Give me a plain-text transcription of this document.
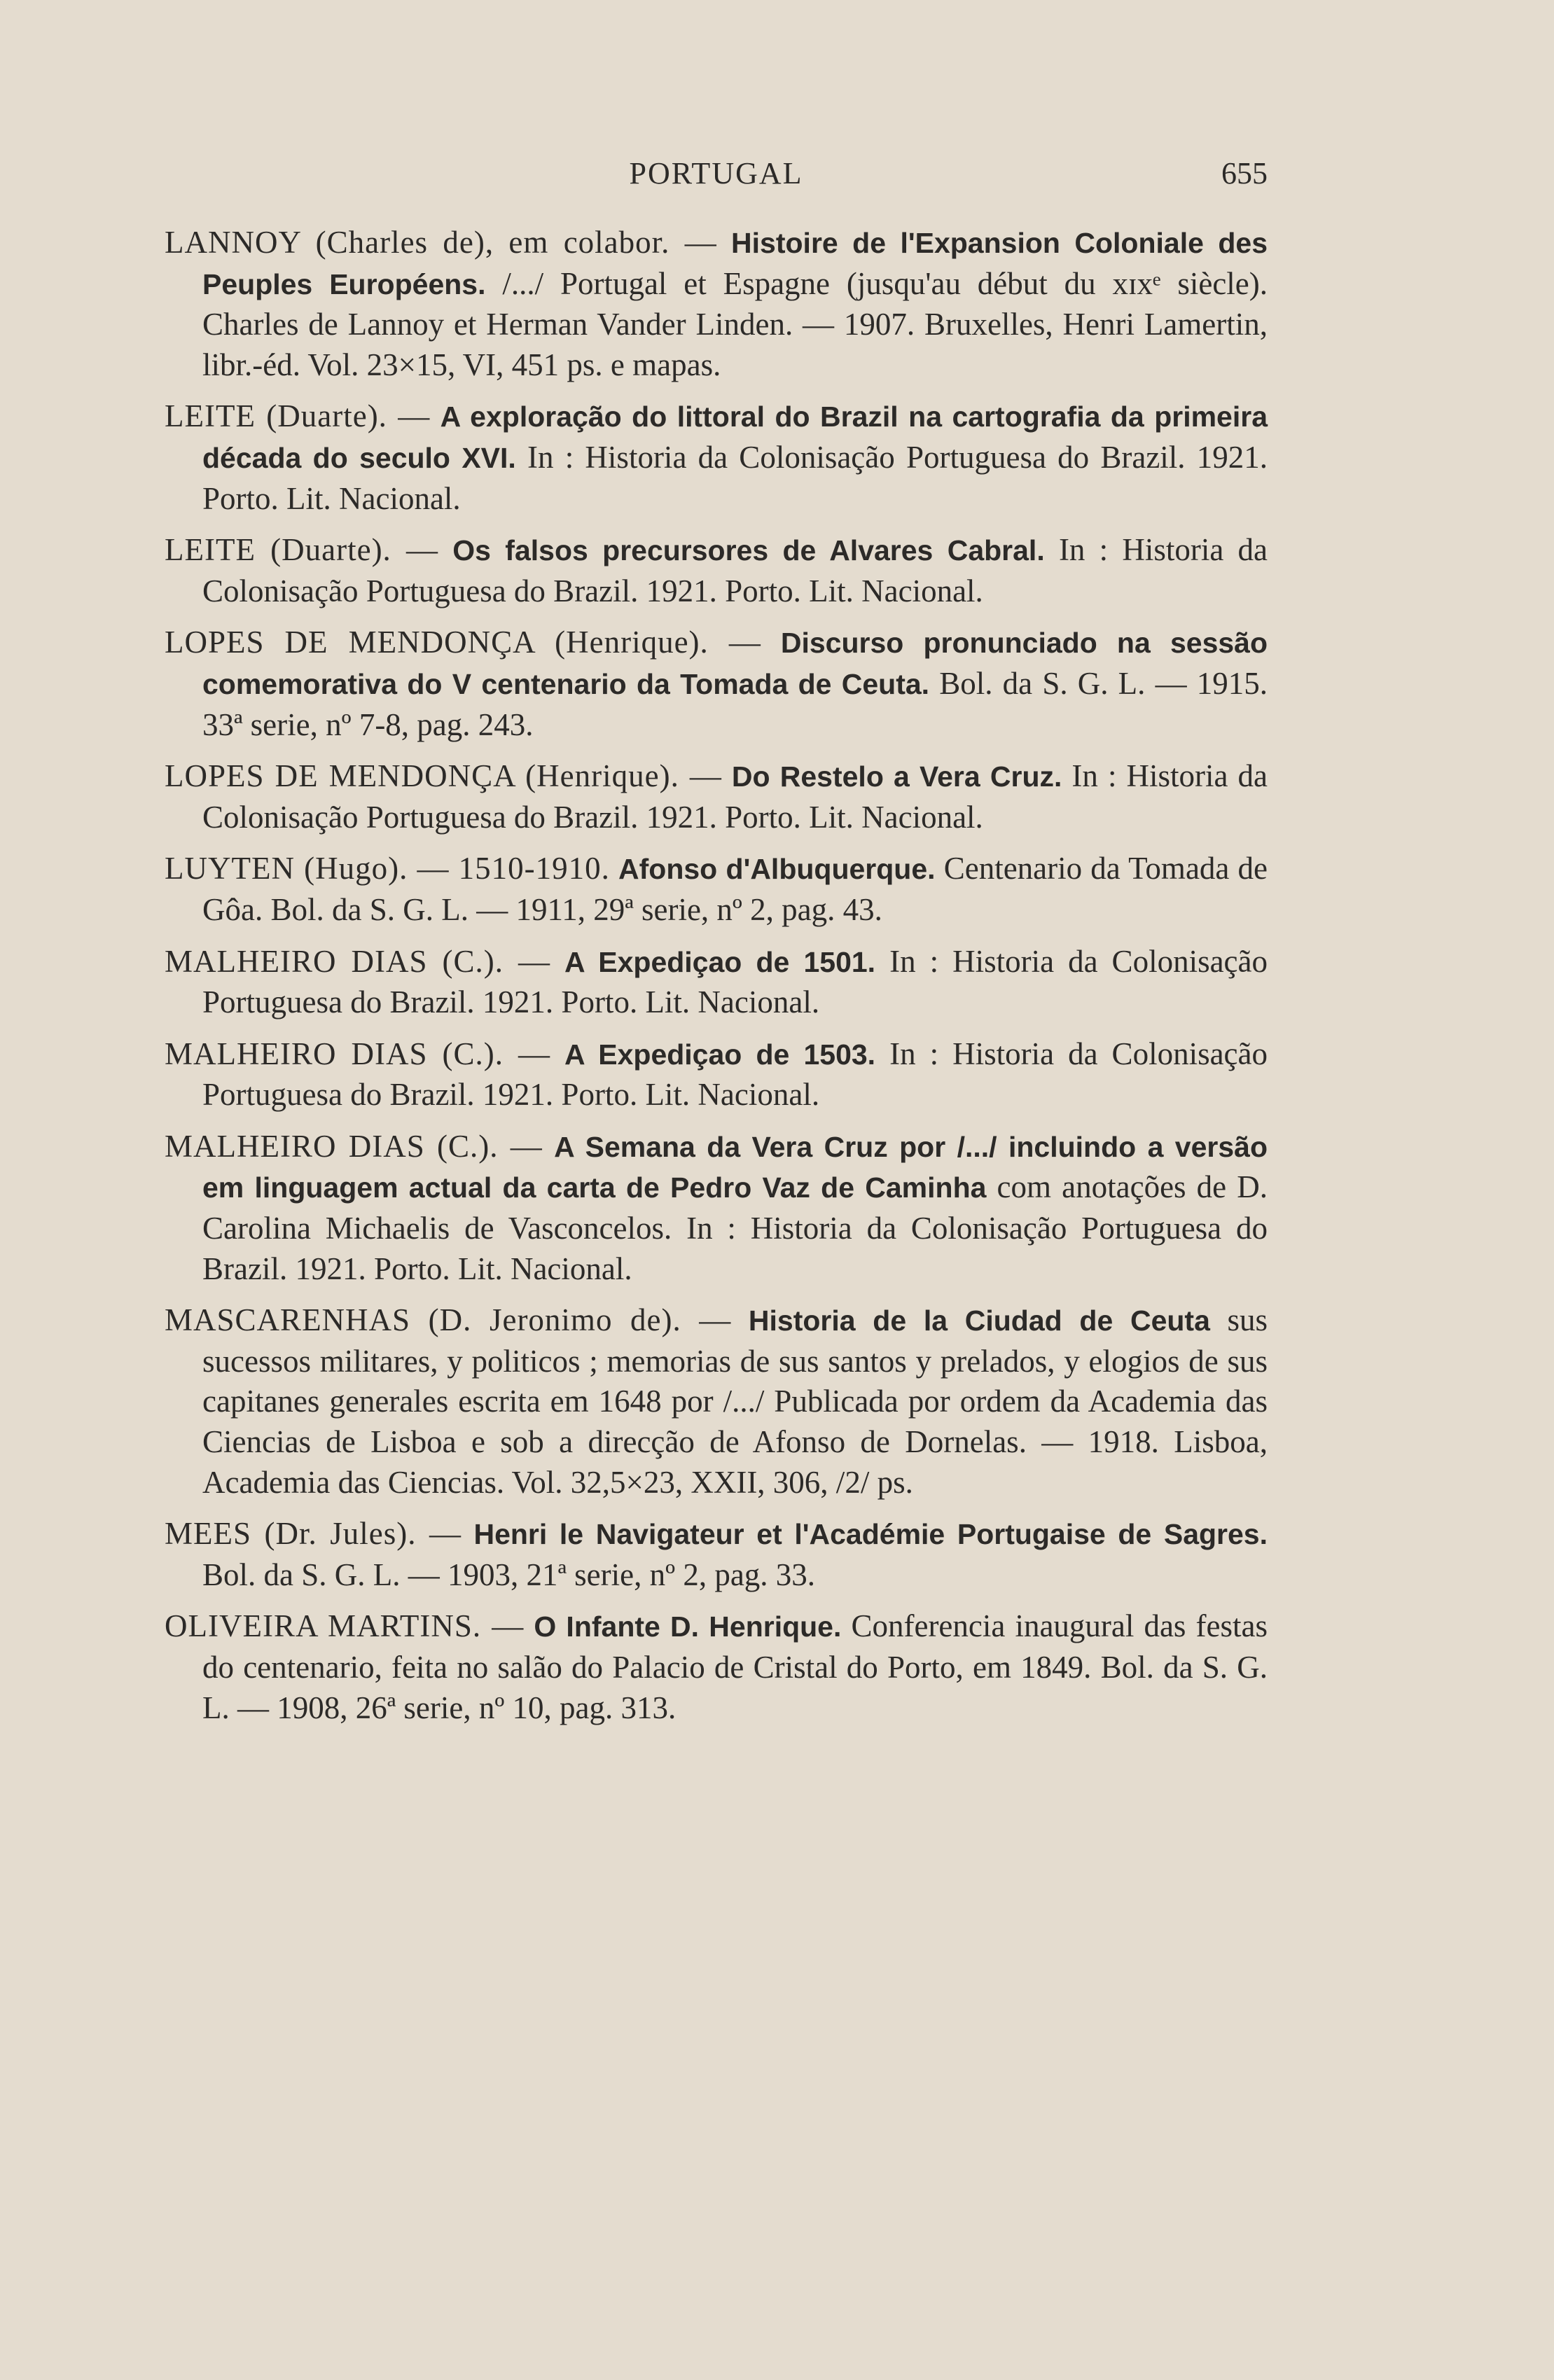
PORTUGAL	655

LANNOY (Charles de), em colabor. — Histoire de l'Expansion Coloniale des Peuples Européens. /.../ Portugal et Espagne (jusqu'au début du xɪxᵉ siècle). Charles de Lannoy et Herman Vander Linden. — 1907. Bruxelles, Henri Lamertin, libr.-éd. Vol. 23×15, VI, 451 ps. e mapas.

LEITE (Duarte). — A exploração do littoral do Brazil na cartografia da primeira década do seculo XVI. In : Historia da Colonisação Portuguesa do Brazil. 1921. Porto. Lit. Nacional.

LEITE (Duarte). — Os falsos precursores de Alvares Cabral. In : Historia da Colonisação Portuguesa do Brazil. 1921. Porto. Lit. Nacional.

LOPES DE MENDONÇA (Henrique). — Discurso pronunciado na sessão comemorativa do V centenario da Tomada de Ceuta. Bol. da S. G. L. — 1915. 33ª serie, nº 7-8, pag. 243.

LOPES DE MENDONÇA (Henrique). — Do Restelo a Vera Cruz. In : Historia da Colonisação Portuguesa do Brazil. 1921. Porto. Lit. Nacional.

LUYTEN (Hugo). — 1510-1910. Afonso d'Albuquerque. Centenario da Tomada de Gôa. Bol. da S. G. L. — 1911, 29ª serie, nº 2, pag. 43.

MALHEIRO DIAS (C.). — A Expediçao de 1501. In : Historia da Colonisação Portuguesa do Brazil. 1921. Porto. Lit. Nacional.

MALHEIRO DIAS (C.). — A Expediçao de 1503. In : Historia da Colonisação Portuguesa do Brazil. 1921. Porto. Lit. Nacional.

MALHEIRO DIAS (C.). — A Semana da Vera Cruz por /.../ incluindo a versão em linguagem actual da carta de Pedro Vaz de Caminha com anotações de D. Carolina Michaelis de Vasconcelos. In : Historia da Colonisação Portuguesa do Brazil. 1921. Porto. Lit. Nacional.

MASCARENHAS (D. Jeronimo de). — Historia de la Ciudad de Ceuta sus sucessos militares, y politicos ; memorias de sus santos y prelados, y elogios de sus capitanes generales escrita em 1648 por /.../ Publicada por ordem da Academia das Ciencias de Lisboa e sob a direcção de Afonso de Dornelas. — 1918. Lisboa, Academia das Ciencias. Vol. 32,5×23, XXII, 306, /2/ ps.

MEES (Dr. Jules). — Henri le Navigateur et l'Académie Portugaise de Sagres. Bol. da S. G. L. — 1903, 21ª serie, nº 2, pag. 33.

OLIVEIRA MARTINS. — O Infante D. Henrique. Conferencia inaugural das festas do centenario, feita no salão do Palacio de Cristal do Porto, em 1849. Bol. da S. G. L. — 1908, 26ª serie, nº 10, pag. 313.
